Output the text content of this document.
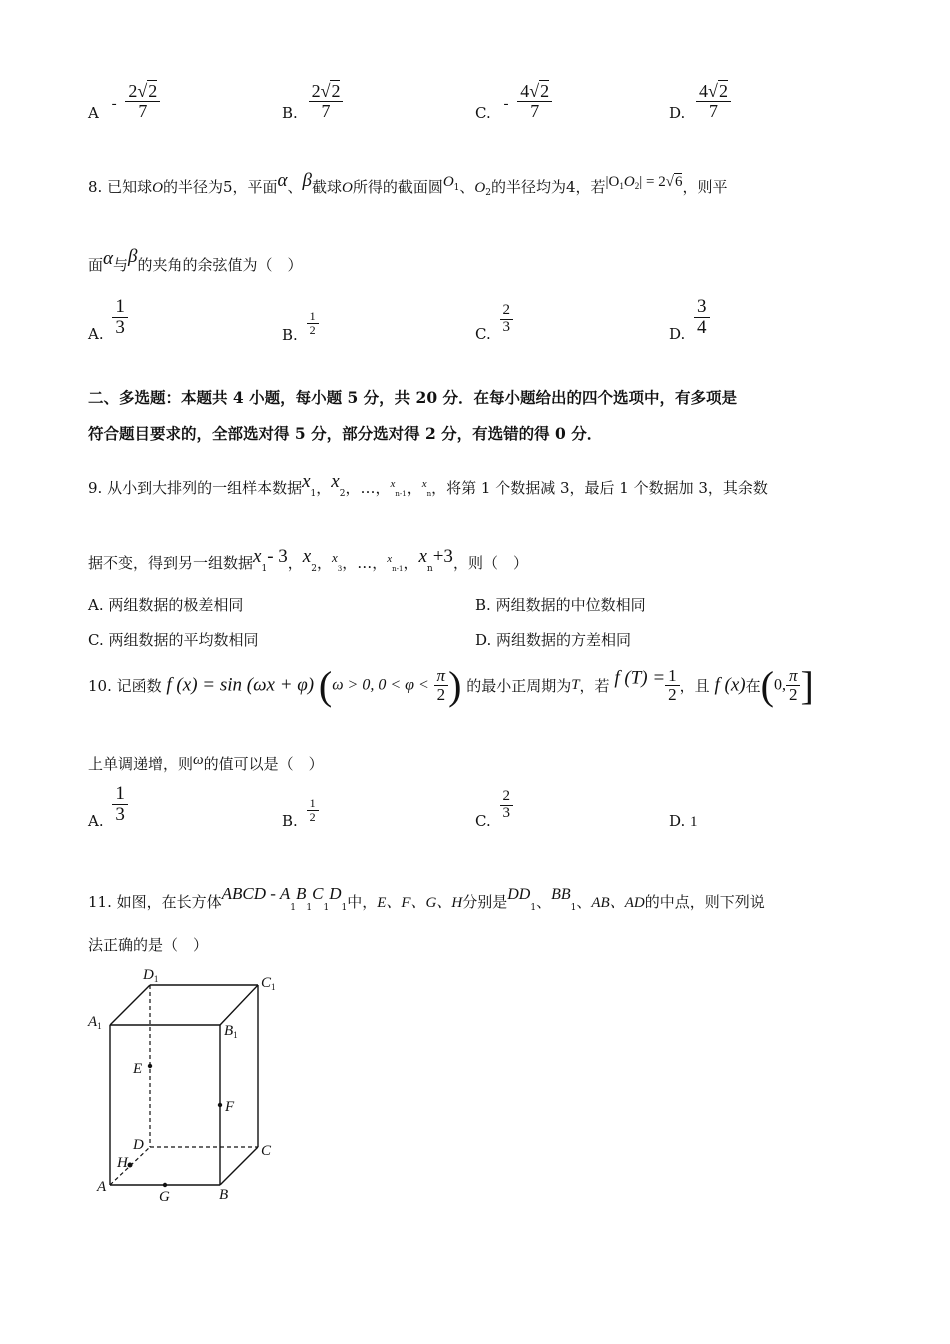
A - $\frac{2√2}{7}$	B. $\frac{2√2}{7}$	C. - $\frac{4√2}{7}$	D. $\frac{4√2}{7}$
8. 已知球O的半径为5，平面α、β截球O所得的截面圆$O^1$、$O_2$的半径均为4，若$|O_1O_2| = 2√6$，则平
面α与β的夹角的余弦值为（　）
A. $\frac{1}{3}$	B. $\frac{1}{2}$	C. $\frac{2}{3}$	D. $\frac{3}{4}$
二、多选题：本题共 4 小题，每小题 5 分，共 20 分．在每小题给出的四个选项中，有多项是
符合题目要求的，全部选对得 5 分，部分选对得 2 分，有选错的得 0 分．
9. 从小到大排列的一组样本数据$x_1$，$x_2$，…，$^x_{n-1}$，$^x_n$，将第 1 个数据减 3，最后 1 个数据加 3，其余数
据不变，得到另一组数据$x_1-$ 3，$x_2$，$x_3$，…，$^x_{n-1}$，$x_n+3$，则（　）
A. 两组数据的极差相同	B. 两组数据的中位数相同
C. 两组数据的平均数相同	D. 两组数据的方差相同
10. 记函数 f (x) = sin (ωx + φ) (ω > 0, $0 < \varphi < \frac{\pi}{2}$ ) 的最小正周期为T，若 f $(T) = \frac{1}{2}$ ，且 f (x)在(0, $\frac{\pi}{2}$ ]
上单调递增，则ω的值可以是（　）
A. $\frac{1}{3}$	B. $\frac{1}{2}$	C. $\frac{2}{3}$	D. 1
11. 如图，在长方体ABCD - $A_1B_1C_1D_1$中，E、F、G、H分别是$DD_1$、$BB_1$、AB、AD的中点，则下列说
法正确的是（　）
$D_1$	$C_1$
$A_1$	$B_1$
E
F
D	C
H
A
G	B
